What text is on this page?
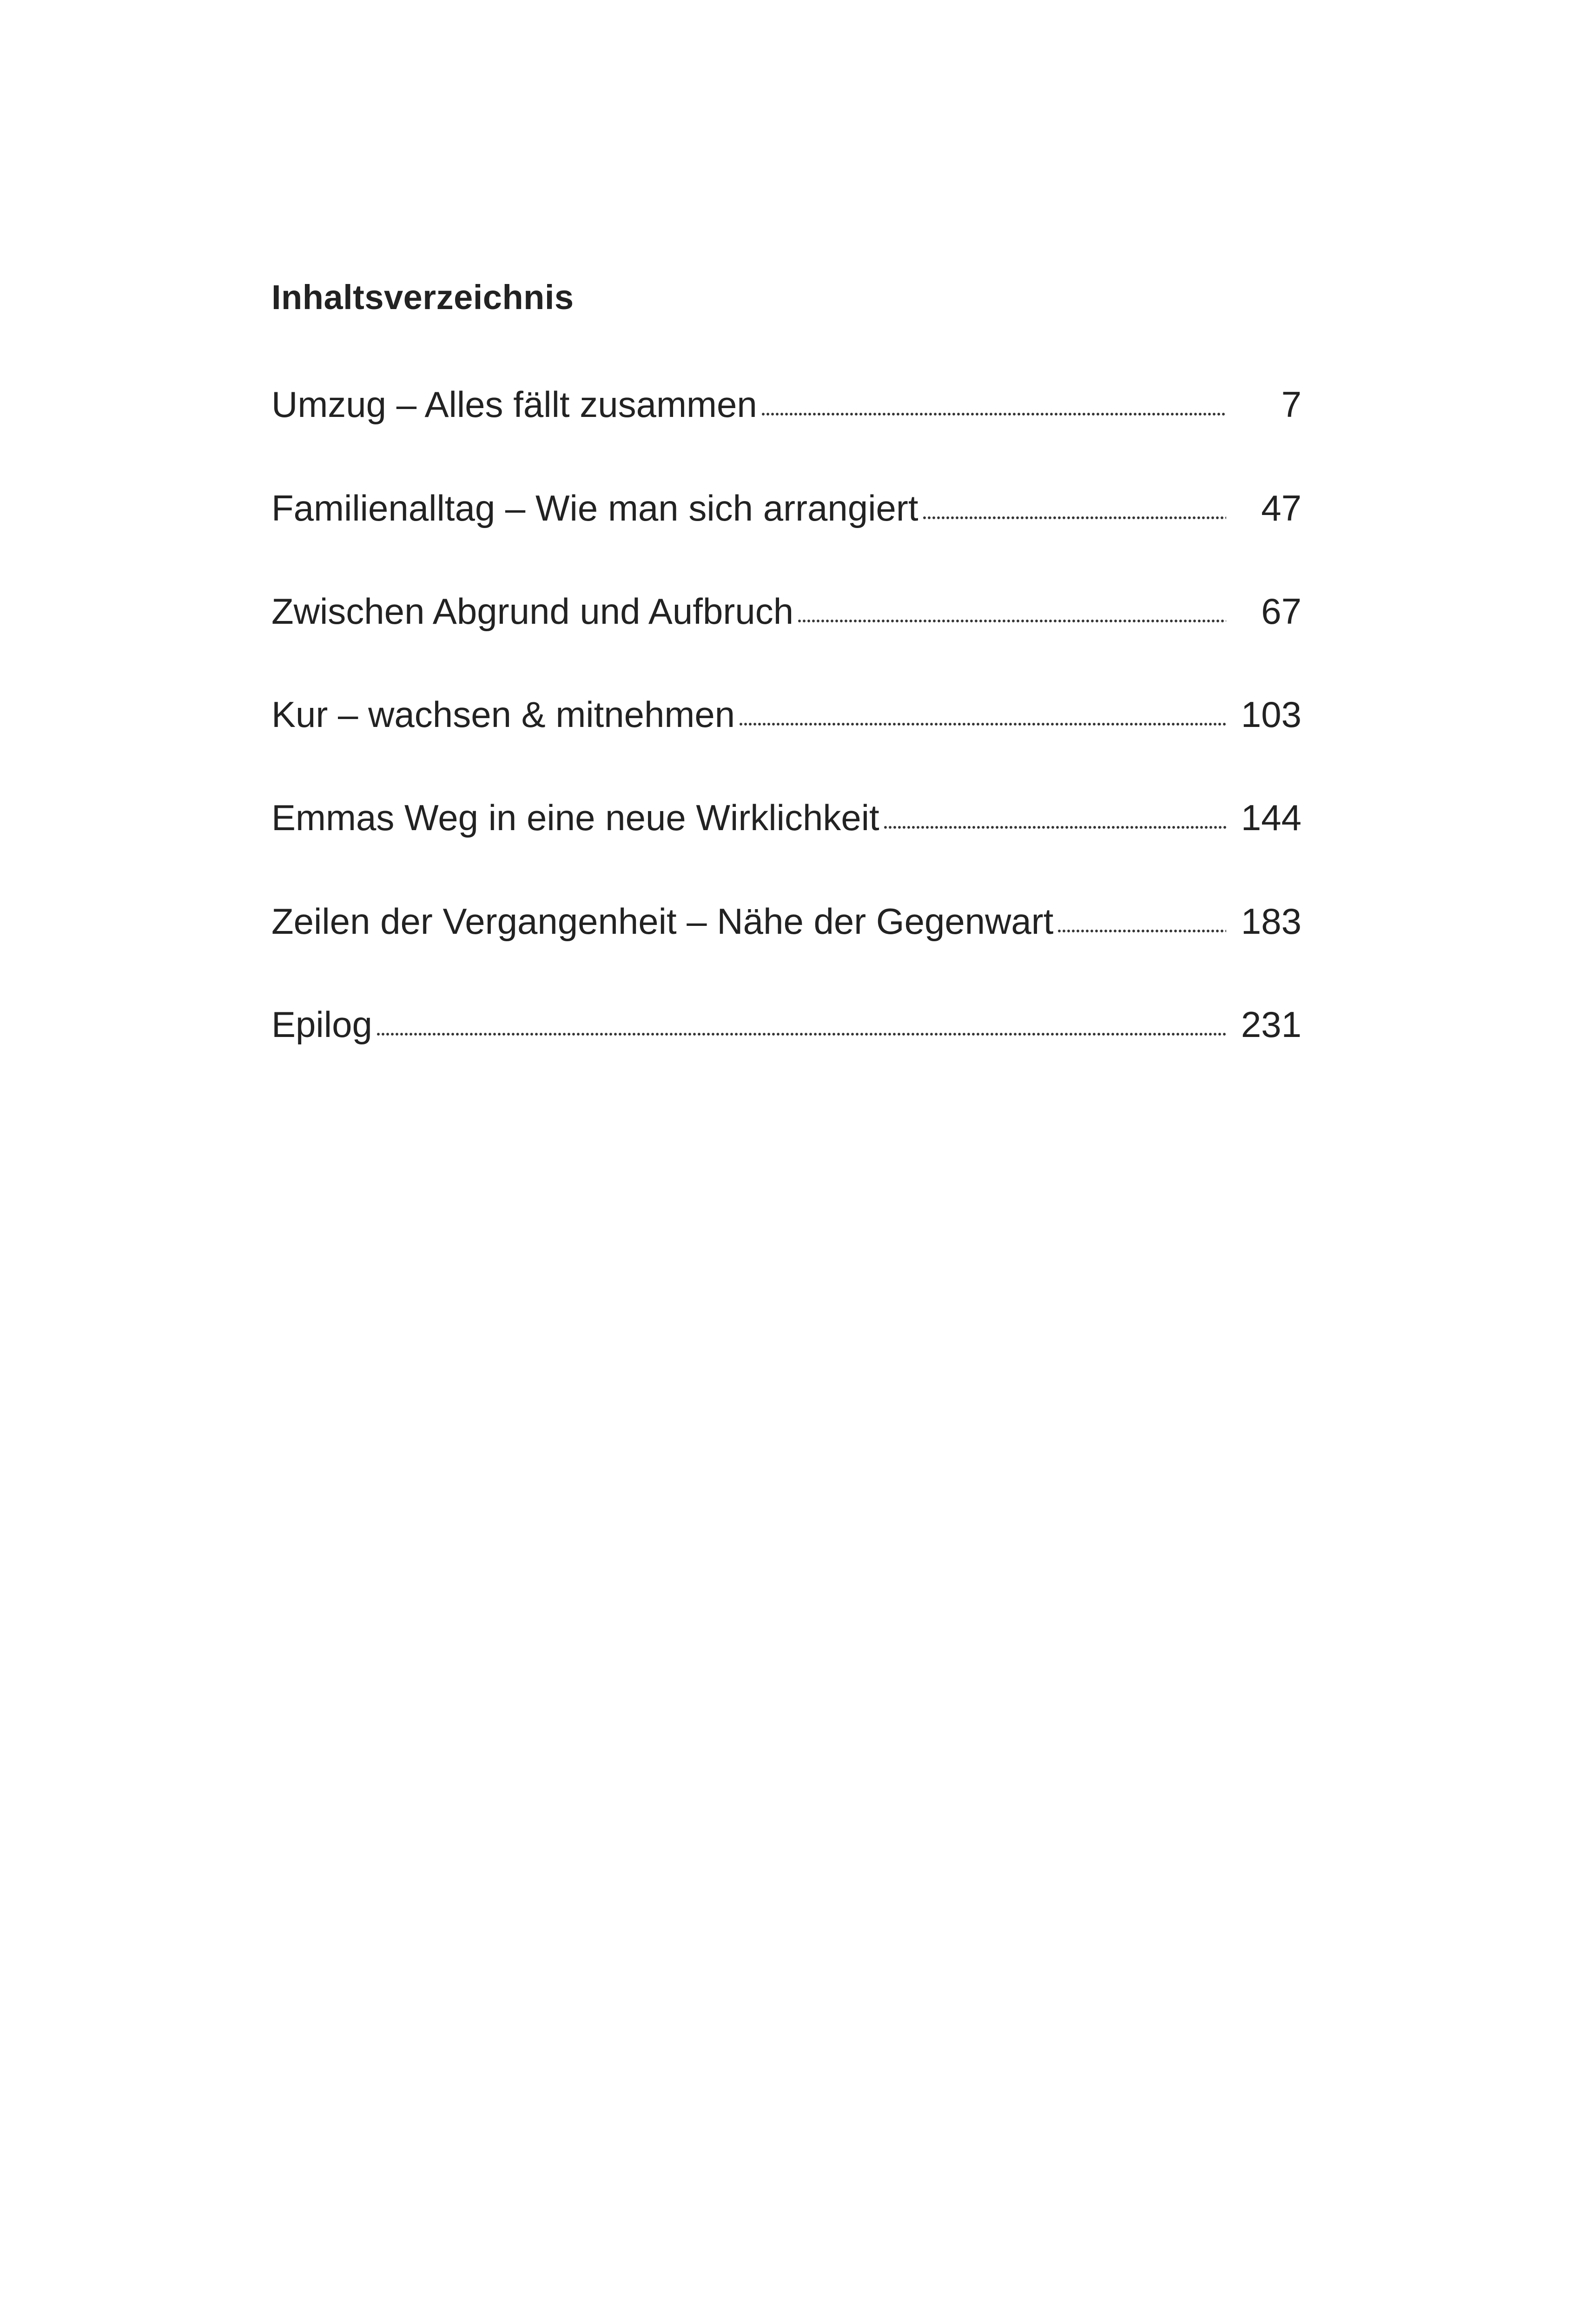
Inhaltsverzeichnis
Umzug – Alles fällt zusammen	7
Familienalltag – Wie man sich arrangiert	47
Zwischen Abgrund und Aufbruch	67
Kur – wachsen & mitnehmen	103
Emmas Weg in eine neue Wirklichkeit	144
Zeilen der Vergangenheit – Nähe der Gegenwart	183
Epilog	231
